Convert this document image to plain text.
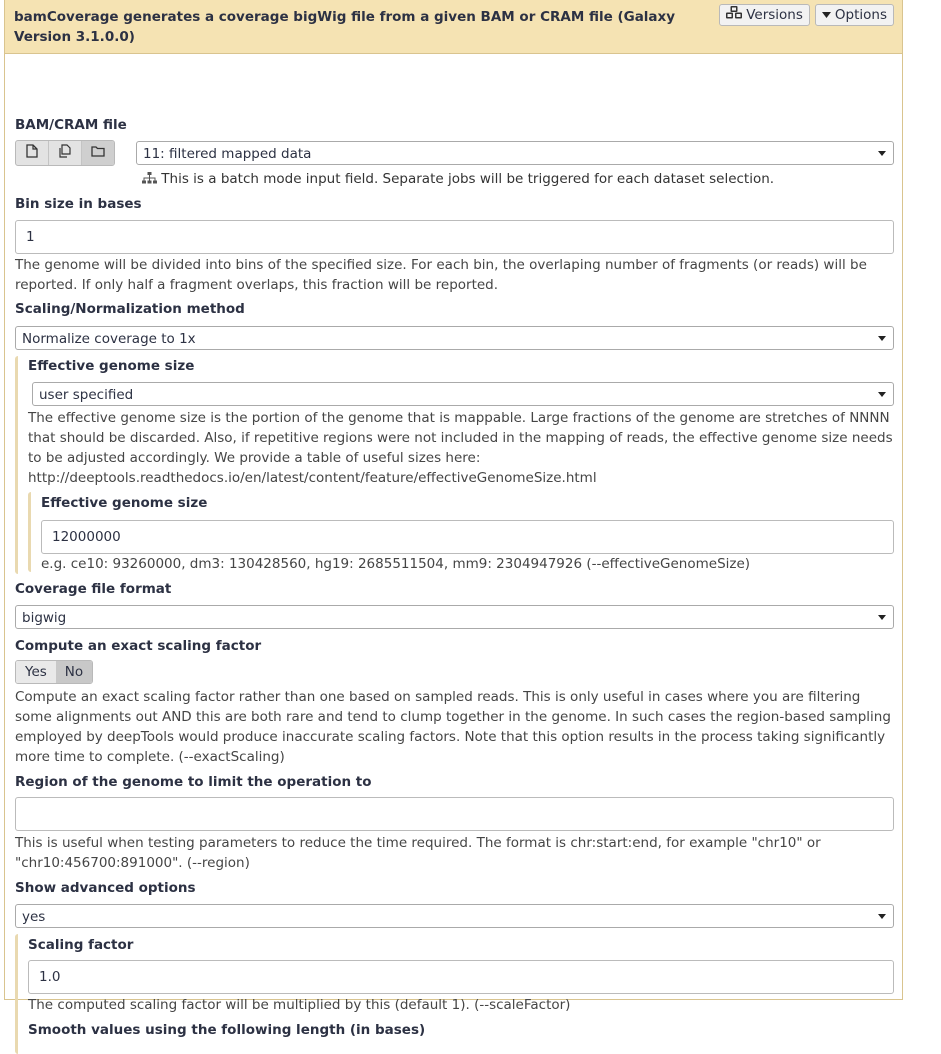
bamCoverage generates a coverage bigWig file from a given BAM or CRAM file (Galaxy Version 3.1.0.0)
Versions Options
BAM/CRAM file
11: filtered mapped data
This is a batch mode input field. Separate jobs will be triggered for each dataset selection.
Bin size in bases
1
The genome will be divided into bins of the specified size. For each bin, the overlaping number of fragments (or reads) will be reported. If only half a fragment overlaps, this fraction will be reported.
Scaling/Normalization method
Normalize coverage to 1x
Effective genome size
user specified
The effective genome size is the portion of the genome that is mappable. Large fractions of the genome are stretches of NNNN that should be discarded. Also, if repetitive regions were not included in the mapping of reads, the effective genome size needs to be adjusted accordingly. We provide a table of useful sizes here: http://deeptools.readthedocs.io/en/latest/content/feature/effectiveGenomeSize.html
Effective genome size
12000000
e.g. ce10: 93260000, dm3: 130428560, hg19: 2685511504, mm9: 2304947926 (--effectiveGenomeSize)
Coverage file format
bigwig
Compute an exact scaling factor
Yes	No
Compute an exact scaling factor rather than one based on sampled reads. This is only useful in cases where you are filtering some alignments out AND this are both rare and tend to clump together in the genome. In such cases the region-based sampling employed by deepTools would produce inaccurate scaling factors. Note that this option results in the process taking significantly more time to complete. (--exactScaling)
Region of the genome to limit the operation to
This is useful when testing parameters to reduce the time required. The format is chr:start:end, for example "chr10" or "chr10:456700:891000". (--region)
Show advanced options
yes
Scaling factor
1.0
The computed scaling factor will be multiplied by this (default 1). (--scaleFactor)
Smooth values using the following length (in bases)
